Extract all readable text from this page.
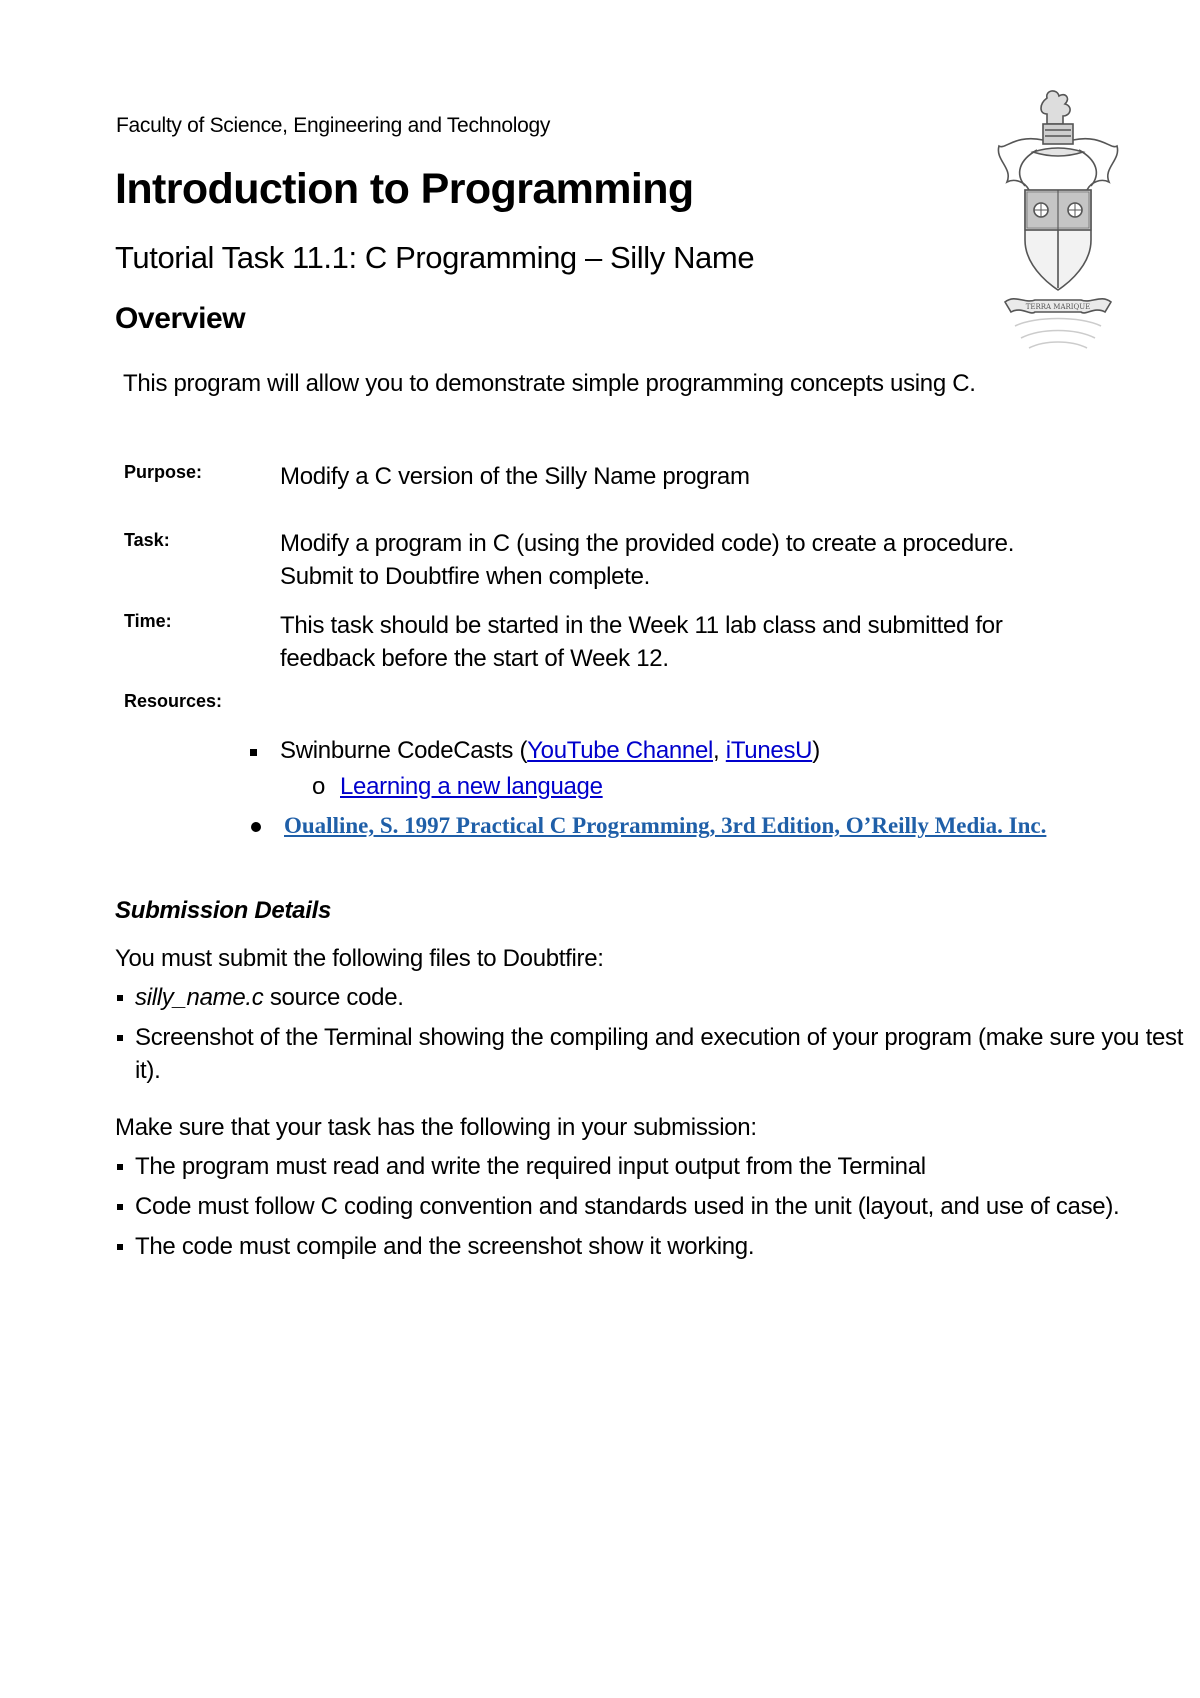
Faculty of Science, Engineering and Technology
Introduction to Programming
Tutorial Task 11.1: C Programming – Silly Name
Overview	TERRA MARIQUE
This program will allow you to demonstrate simple programming concepts using C.
Purpose:	Modify a C version of the Silly Name program
Task:	Modify a program in C (using the provided code) to create a procedure.
Submit to Doubtfire when complete.
Time:	This task should be started in the Week 11 lab class and submitted for
feedback before the start of Week 12.
Resources:
Swinburne CodeCasts (YouTube Channel, iTunesU)
o Learning a new language
Oualline, S. 1997 Practical C Programming, 3rd Edition, O’Reilly Media. Inc.
Submission Details
You must submit the following files to Doubtfire:
silly_name.c source code.
Screenshot of the Terminal showing the compiling and execution of your program (make sure you test
it).
Make sure that your task has the following in your submission:
The program must read and write the required input output from the Terminal
Code must follow C coding convention and standards used in the unit (layout, and use of case).
The code must compile and the screenshot show it working.
